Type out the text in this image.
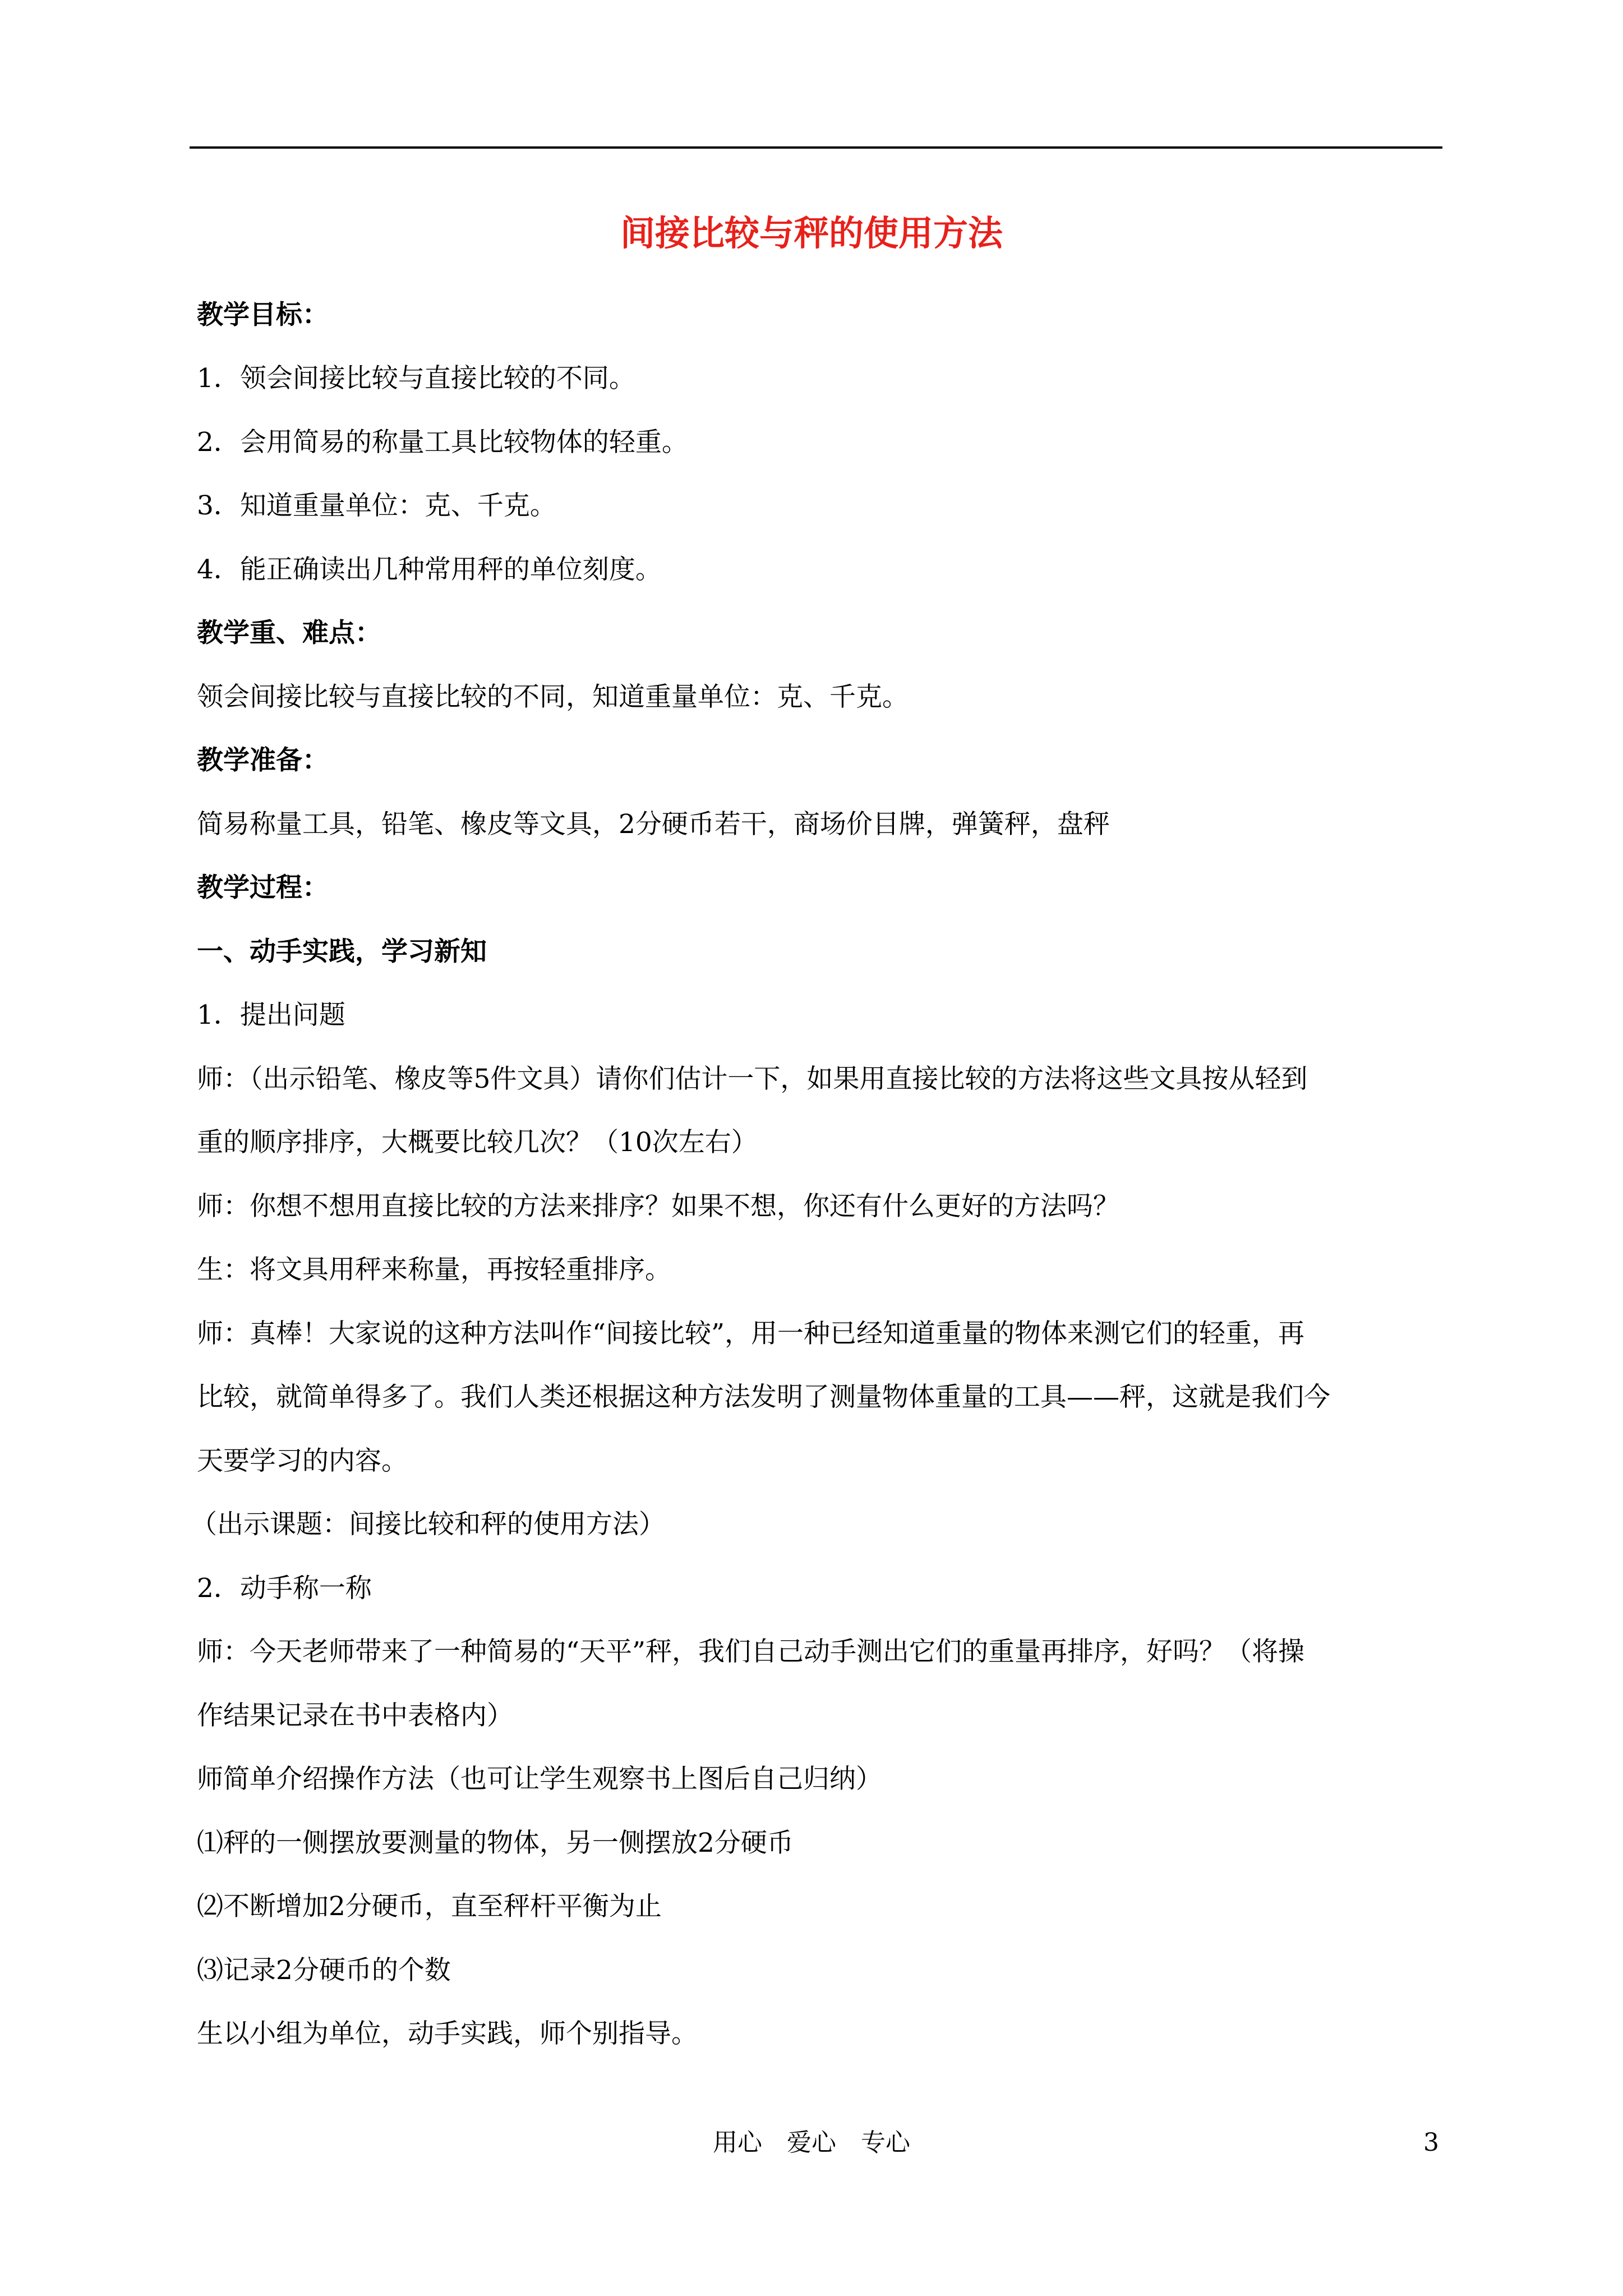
间接比较与秤的使用方法
教学目标：
1．领会间接比较与直接比较的不同。
2．会用简易的称量工具比较物体的轻重。
3．知道重量单位：克、千克。
4．能正确读出几种常用秤的单位刻度。
教学重、难点：
领会间接比较与直接比较的不同，知道重量单位：克、千克。
教学准备：
简易称量工具，铅笔、橡皮等文具，2分硬币若干，商场价目牌，弹簧秤，盘秤
教学过程：
一、动手实践，学习新知
1．提出问题
师：（出示铅笔、橡皮等5件文具）请你们估计一下，如果用直接比较的方法将这些文具按从轻到
重的顺序排序，大概要比较几次？（10次左右）
师：你想不想用直接比较的方法来排序？如果不想，你还有什么更好的方法吗？
生：将文具用秤来称量，再按轻重排序。
师：真棒！大家说的这种方法叫作“间接比较”，用一种已经知道重量的物体来测它们的轻重，再
比较，就简单得多了。我们人类还根据这种方法发明了测量物体重量的工具——秤，这就是我们今
天要学习的内容。
（出示课题：间接比较和秤的使用方法）
2．动手称一称
师：今天老师带来了一种简易的“天平”秤，我们自己动手测出它们的重量再排序，好吗？（将操
作结果记录在书中表格内）
师简单介绍操作方法（也可让学生观察书上图后自己归纳）
⑴秤的一侧摆放要测量的物体，另一侧摆放2分硬币
⑵不断增加2分硬币，直至秤杆平衡为止
⑶记录2分硬币的个数
生以小组为单位，动手实践，师个别指导。
用心 爱心 专心	3
